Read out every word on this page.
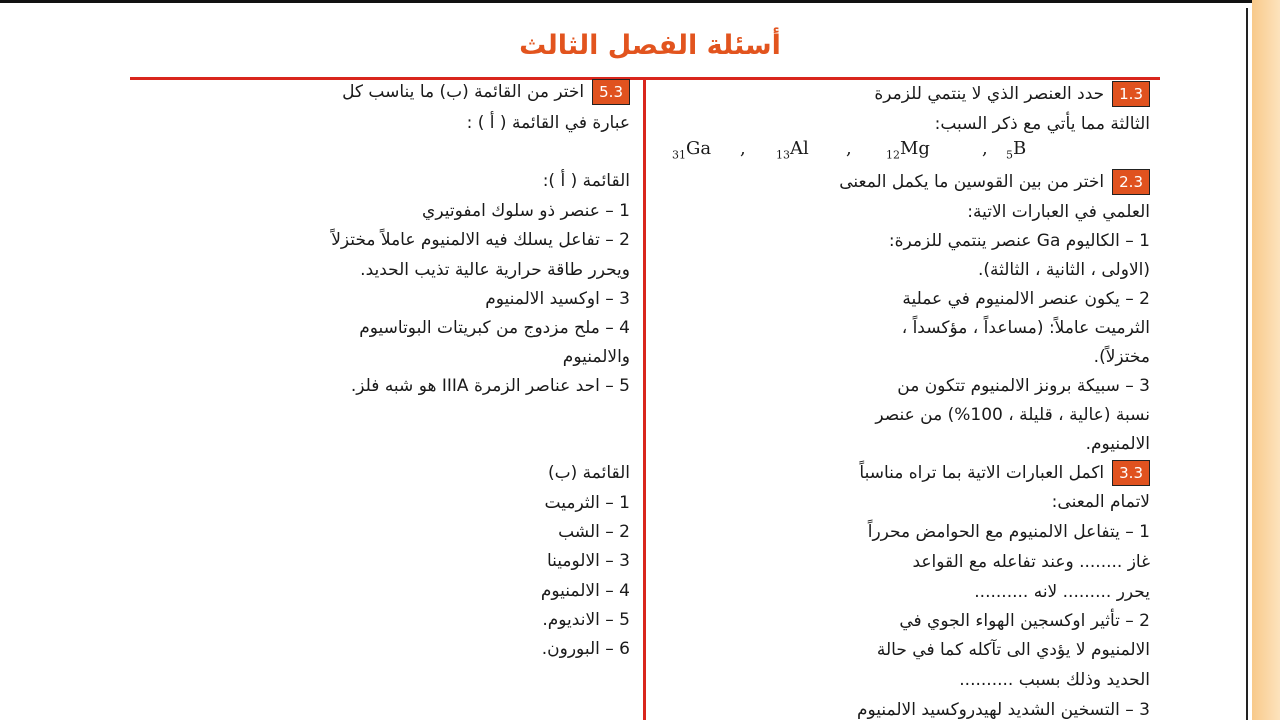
أسئلة الفصل الثالث
1.3حدد العنصر الذي لا ينتمي للزمرة
الثالثة مما يأتي مع ذكر السبب:
$_{31}$Ga ,	$_{13}$Al ,	$_{12}$Mg	, $_5$B
2.3اختر من بين القوسين ما يكمل المعنى
العلمي في العبارات الاتية:
1 – الكاليوم Ga عنصر ينتمي للزمرة:
(الاولى ، الثانية ، الثالثة).
2 – يكون عنصر الالمنيوم في عملية
الثرميت عاملاً: (مساعداً ، مؤكسداً ،
مختزلاً).
3 – سبيكة برونز الالمنيوم تتكون من
نسبة (عالية ، قليلة ، 100%) من عنصر
الالمنيوم.
3.3اكمل العبارات الاتية بما تراه مناسباً
لاتمام المعنى:
1 – يتفاعل الالمنيوم مع الحوامض محرراً
غاز ........ وعند تفاعله مع القواعد
يحرر ......... لانه ..........
2 – تأثير اوكسجين الهواء الجوي في
الالمنيوم لا يؤدي الى تآكله كما في حالة
الحديد وذلك بسبب ..........
3 – التسخين الشديد لهيدروكسيد الالمنيوم
5.3اختر من القائمة (ب) ما يناسب كل
عبارة في القائمة ( أ ) :
القائمة ( أ ):
1 – عنصر ذو سلوك امفوتيري
2 – تفاعل يسلك فيه الالمنيوم عاملاً مختزلاً
ويحرر طاقة حرارية عالية تذيب الحديد.
3 – اوكسيد الالمنيوم
4 – ملح مزدوج من كبريتات البوتاسيوم
والالمنيوم
5 – احد عناصر الزمرة IIIA هو شبه فلز.
القائمة (ب)
1 – الثرميت
2 – الشب
3 – الالومينا
4 – الالمنيوم
5 – الانديوم.
6 – البورون.
